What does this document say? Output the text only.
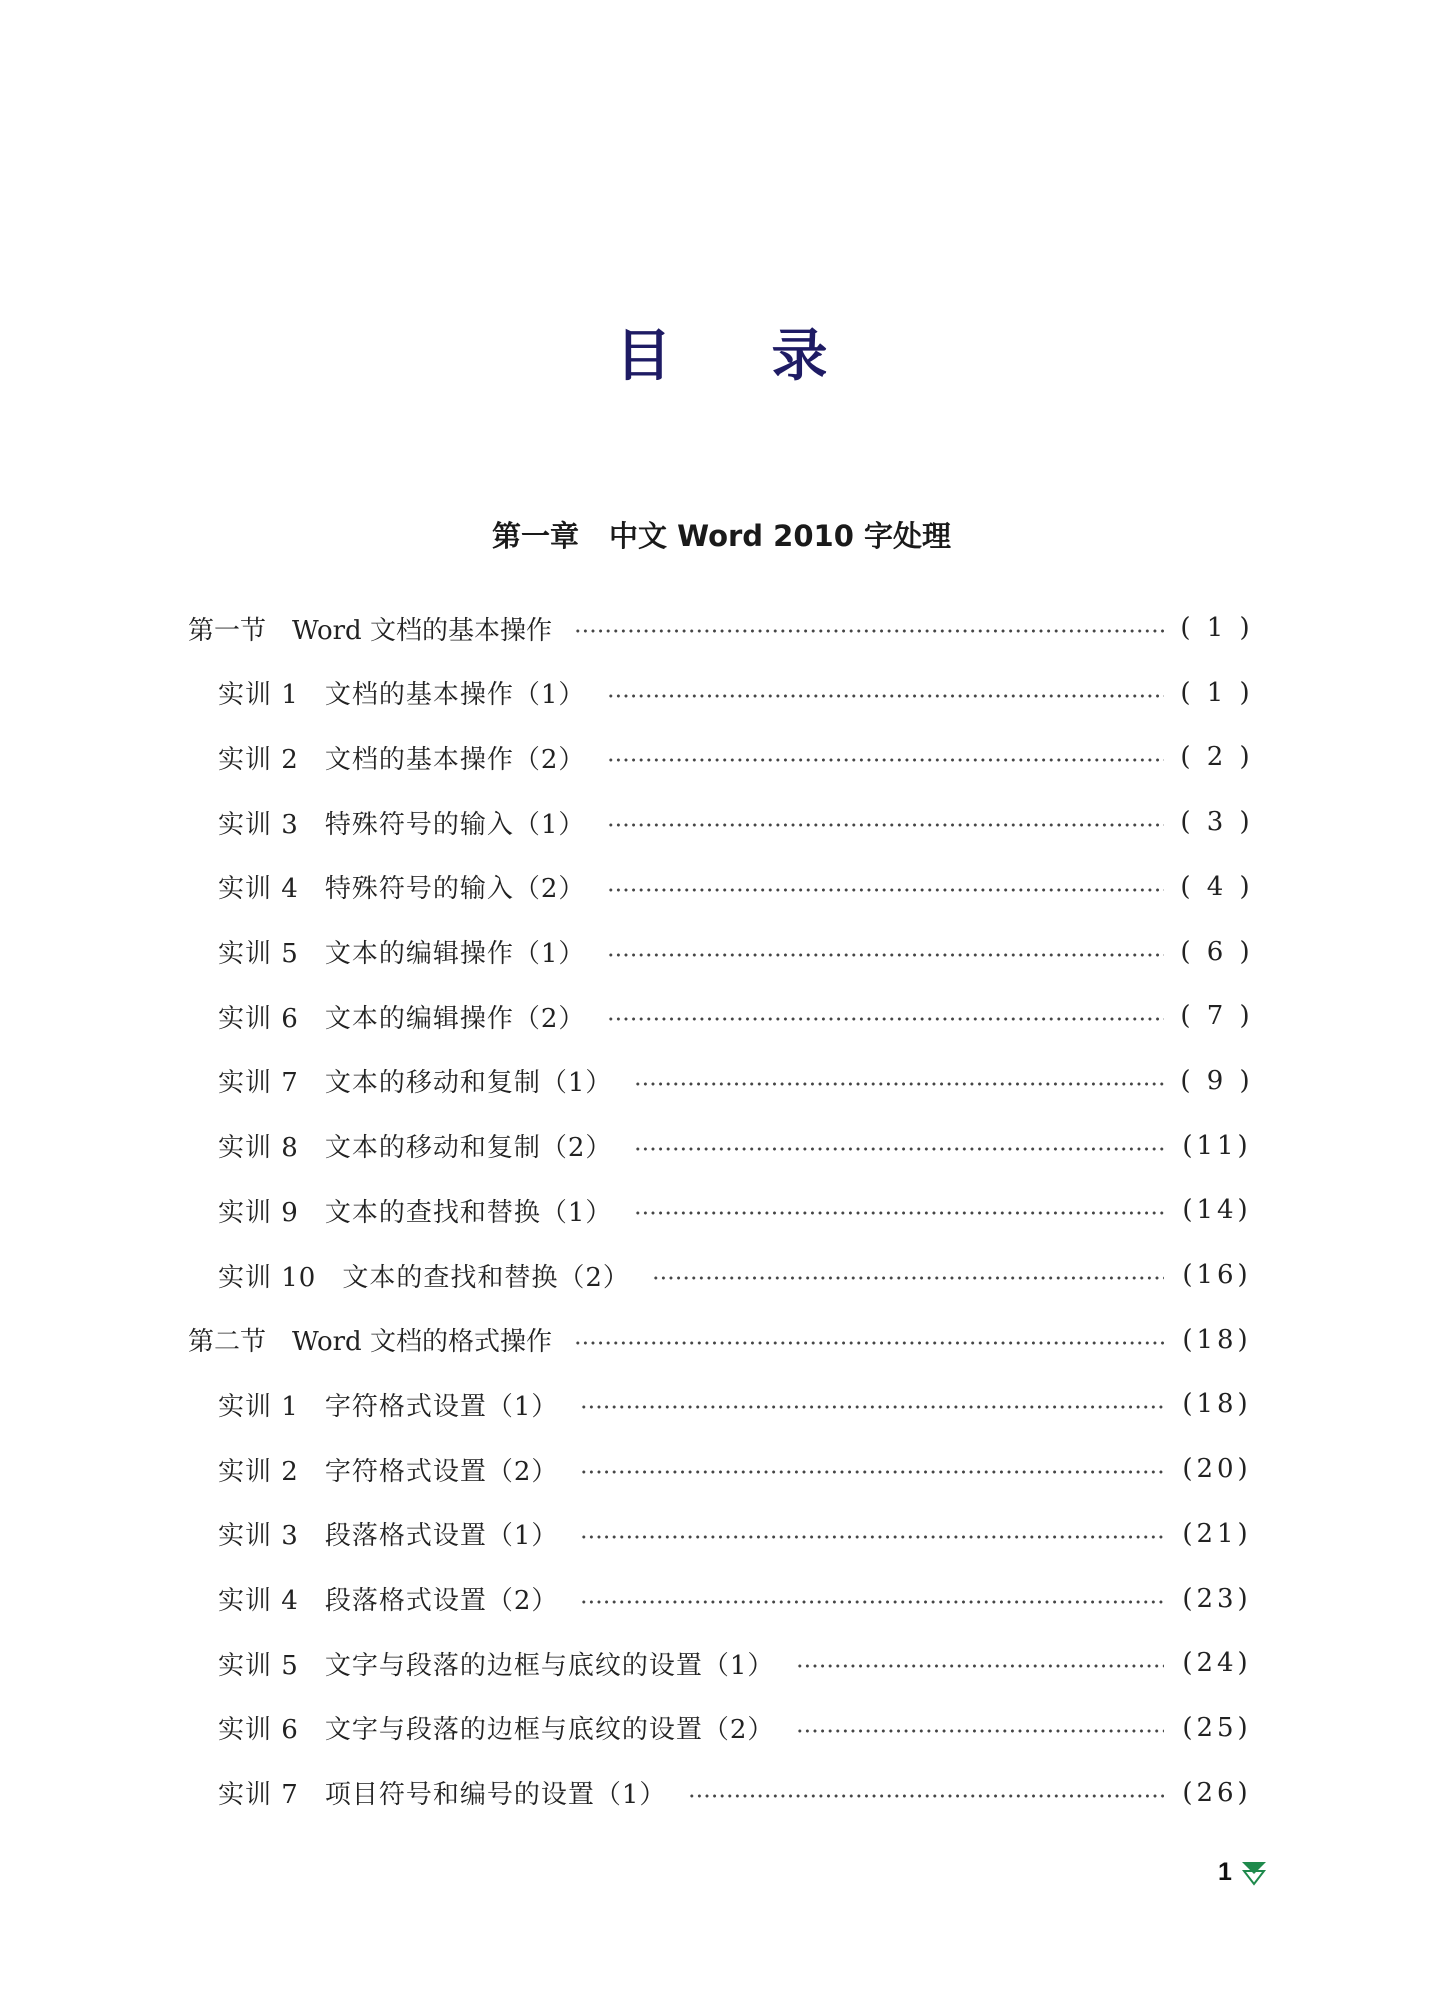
目 录
第一章 中文 Word 2010 字处理
第一节 Word 文档的基本操作	( 1 )
实训 1 文档的基本操作（1）	( 1 )
实训 2 文档的基本操作（2）	( 2 )
实训 3 特殊符号的输入（1）	( 3 )
实训 4 特殊符号的输入（2）	( 4 )
实训 5 文本的编辑操作（1）	( 6 )
实训 6 文本的编辑操作（2）	( 7 )
实训 7 文本的移动和复制（1）	( 9 )
实训 8 文本的移动和复制（2）	(11)
实训 9 文本的查找和替换（1）	(14)
实训 10 文本的查找和替换（2）	(16)
第二节 Word 文档的格式操作	(18)
实训 1 字符格式设置（1）	(18)
实训 2 字符格式设置（2）	(20)
实训 3 段落格式设置（1）	(21)
实训 4 段落格式设置（2）	(23)
实训 5 文字与段落的边框与底纹的设置（1）	(24)
实训 6 文字与段落的边框与底纹的设置（2）	(25)
实训 7 项目符号和编号的设置（1）	(26)
1
